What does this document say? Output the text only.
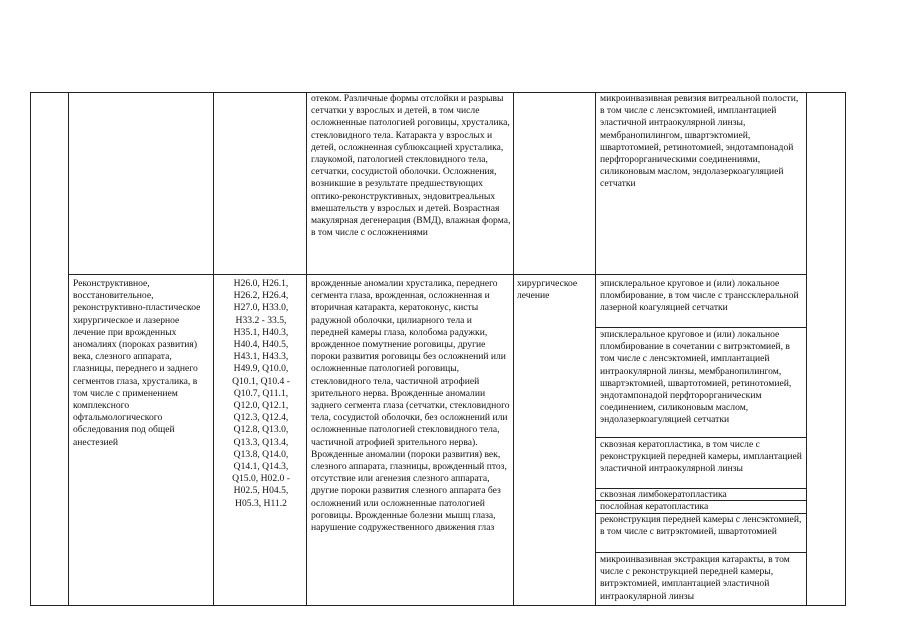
отеком. Различные формы отслойки и разрывы сетчатки у взрослых и детей, в том числе осложненные патологией роговицы, хрусталика, стекловидного тела. Катаракта у взрослых и детей, осложненная сублюксацией хрусталика, глаукомой, патологией стекловидного тела, сетчатки, сосудистой оболочки. Осложнения, возникшие в результате предшествующих оптико-реконструктивных, эндовитреальных вмешательств у взрослых и детей. Возрастная макулярная дегенерация (ВМД), влажная форма, в том числе с осложнениями
микроинвазивная ревизия витреальной полости, в том числе с ленсэктомией, имплантацией эластичной интраокулярной линзы, мембранопилингом, швартэктомией, швартотомией, ретинотомией, эндотампонадой перфторорганическими соединениями, силиконовым маслом, эндолазеркоагуляцией сетчатки
Реконструктивное, восстановительное, реконструктивно-пластическое хирургическое и лазерное лечение при врожденных аномалиях (пороках развития) века, слезного аппарата, глазницы, переднего и заднего сегментов глаза, хрусталика, в том числе с применением комплексного офтальмологического обследования под общей анестезией
H26.0, H26.1,
H26.2, H26.4,
H27.0, H33.0,
H33.2 - 33.5,
H35.1, H40.3,
H40.4, H40.5,
H43.1, H43.3,
H49.9, Q10.0,
Q10.1, Q10.4 -
Q10.7, Q11.1,
Q12.0, Q12.1,
Q12.3, Q12.4,
Q12.8, Q13.0,
Q13.3, Q13.4,
Q13.8, Q14.0,
Q14.1, Q14.3,
Q15.0, H02.0 -
H02.5, H04.5,
H05.3, H11.2
врожденные аномалии хрусталика, переднего сегмента глаза, врожденная, осложненная и вторичная катаракта, кератоконус, кисты радужной оболочки, цилиарного тела и передней камеры глаза, колобома радужки, врожденное помутнение роговицы, другие пороки развития роговицы без осложнений или осложненные патологией роговицы, стекловидного тела, частичной атрофией зрительного нерва. Врожденные аномалии заднего сегмента глаза (сетчатки, стекловидного тела, сосудистой оболочки, без осложнений или осложненные патологией стекловидного тела, частичной атрофией зрительного нерва). Врожденные аномалии (пороки развития) век, слезного аппарата, глазницы, врожденный птоз, отсутствие или агенезия слезного аппарата, другие пороки развития слезного аппарата без осложнений или осложненные патологией роговицы. Врожденные болезни мышц глаза, нарушение содружественного движения глаз
хирургическое лечение
эписклеральное круговое и (или) локальное пломбирование, в том числе с транссклеральной лазерной коагуляцией сетчатки
эписклеральное круговое и (или) локальное пломбирование в сочетании с витрэктомией, в том числе с ленсэктомией, имплантацией интраокулярной линзы, мембранопилингом, швартэктомией, швартотомией, ретинотомией, эндотампонадой перфторорганическим соединением, силиконовым маслом, эндолазеркоагуляцией сетчатки
сквозная кератопластика, в том числе с реконструкцией передней камеры, имплантацией эластичной интраокулярной линзы
сквозная лимбокератопластика
послойная кератопластика
реконструкция передней камеры с ленсэктомией, в том числе с витрэктомией, швартотомией
микроинвазивная экстракция катаракты, в том числе с реконструкцией передней камеры, витрэктомией, имплантацией эластичной интраокулярной линзы
